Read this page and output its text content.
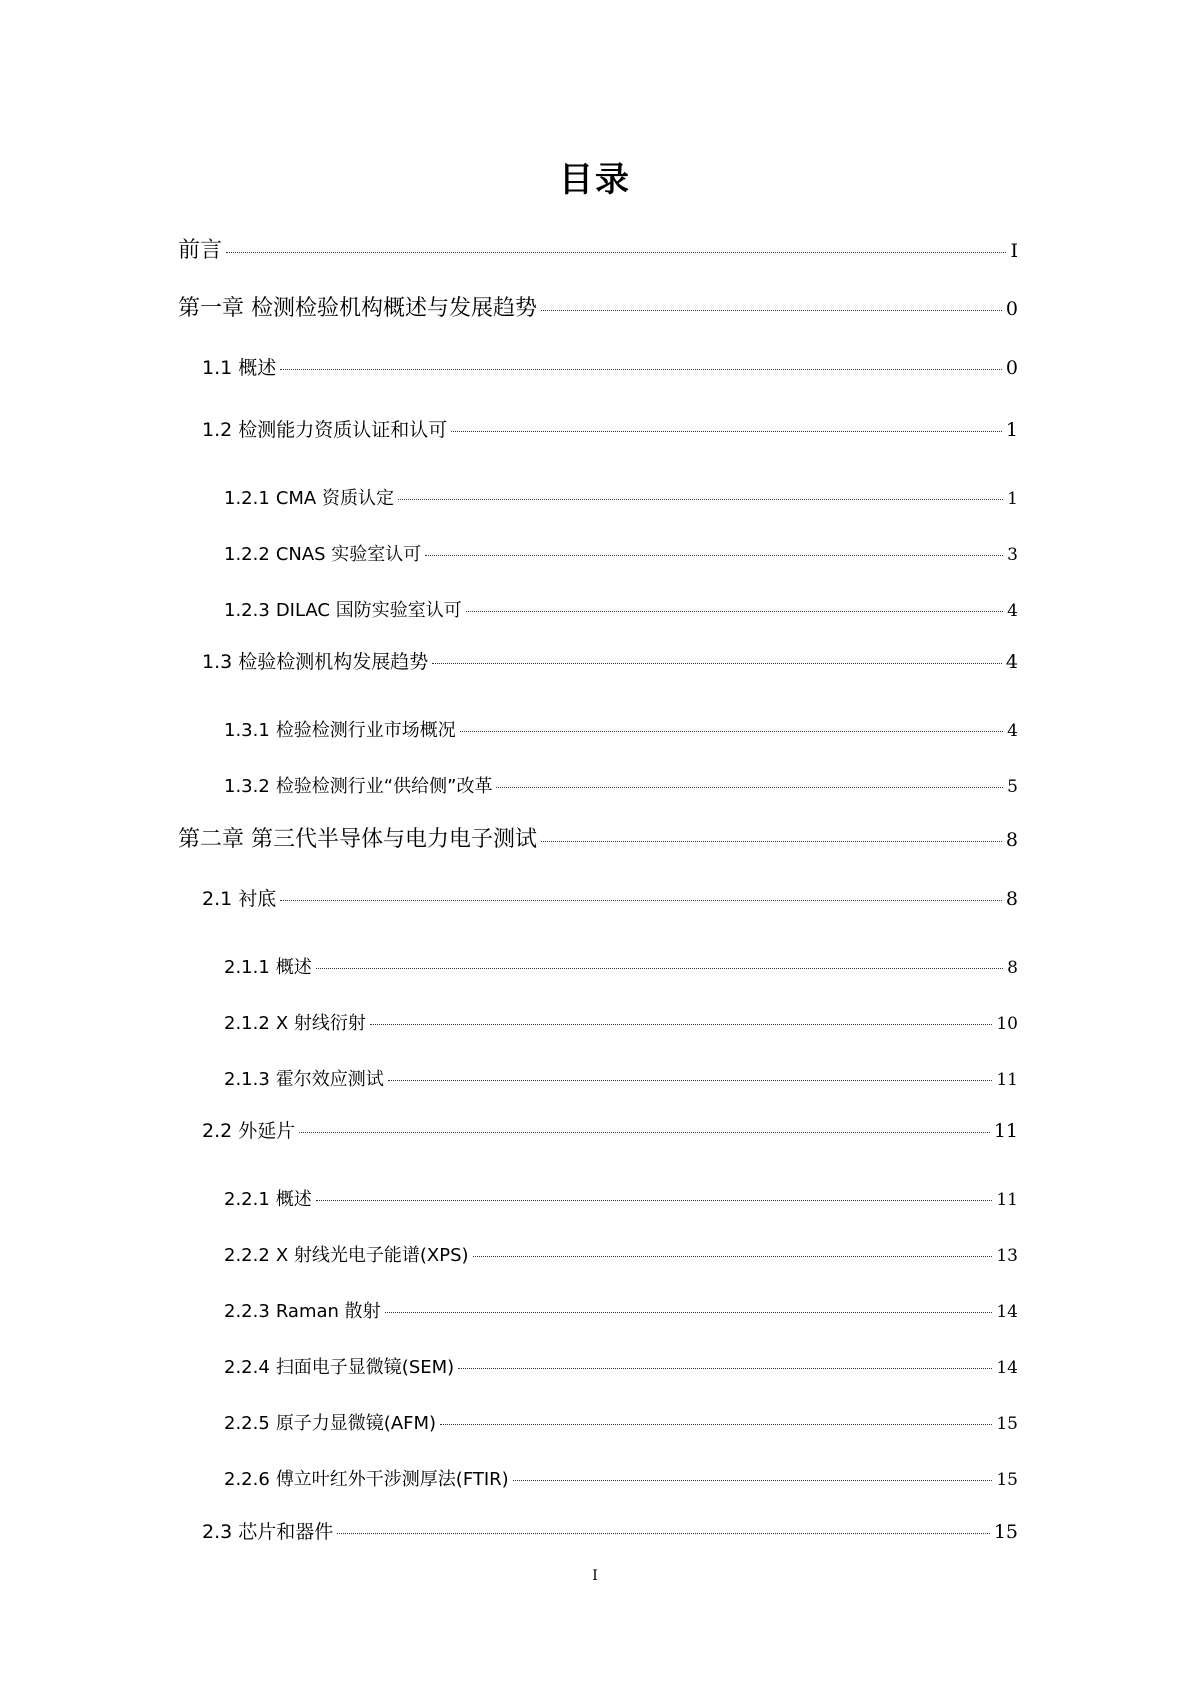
目录
前言	I
第一章 检测检验机构概述与发展趋势	0
1.1 概述	0
1.2 检测能力资质认证和认可	1
1.2.1 CMA 资质认定	1
1.2.2 CNAS 实验室认可	3
1.2.3 DILAC 国防实验室认可	4
1.3 检验检测机构发展趋势	4
1.3.1 检验检测行业市场概况	4
1.3.2 检验检测行业“供给侧”改革	5
第二章 第三代半导体与电力电子测试	8
2.1 衬底	8
2.1.1 概述	8
2.1.2 X 射线衍射	10
2.1.3 霍尔效应测试	11
2.2 外延片	11
2.2.1 概述	11
2.2.2 X 射线光电子能谱(XPS)	13
2.2.3 Raman 散射	14
2.2.4 扫面电子显微镜(SEM)	14
2.2.5 原子力显微镜(AFM)	15
2.2.6 傅立叶红外干涉测厚法(FTIR)	15
2.3 芯片和器件	15
I
